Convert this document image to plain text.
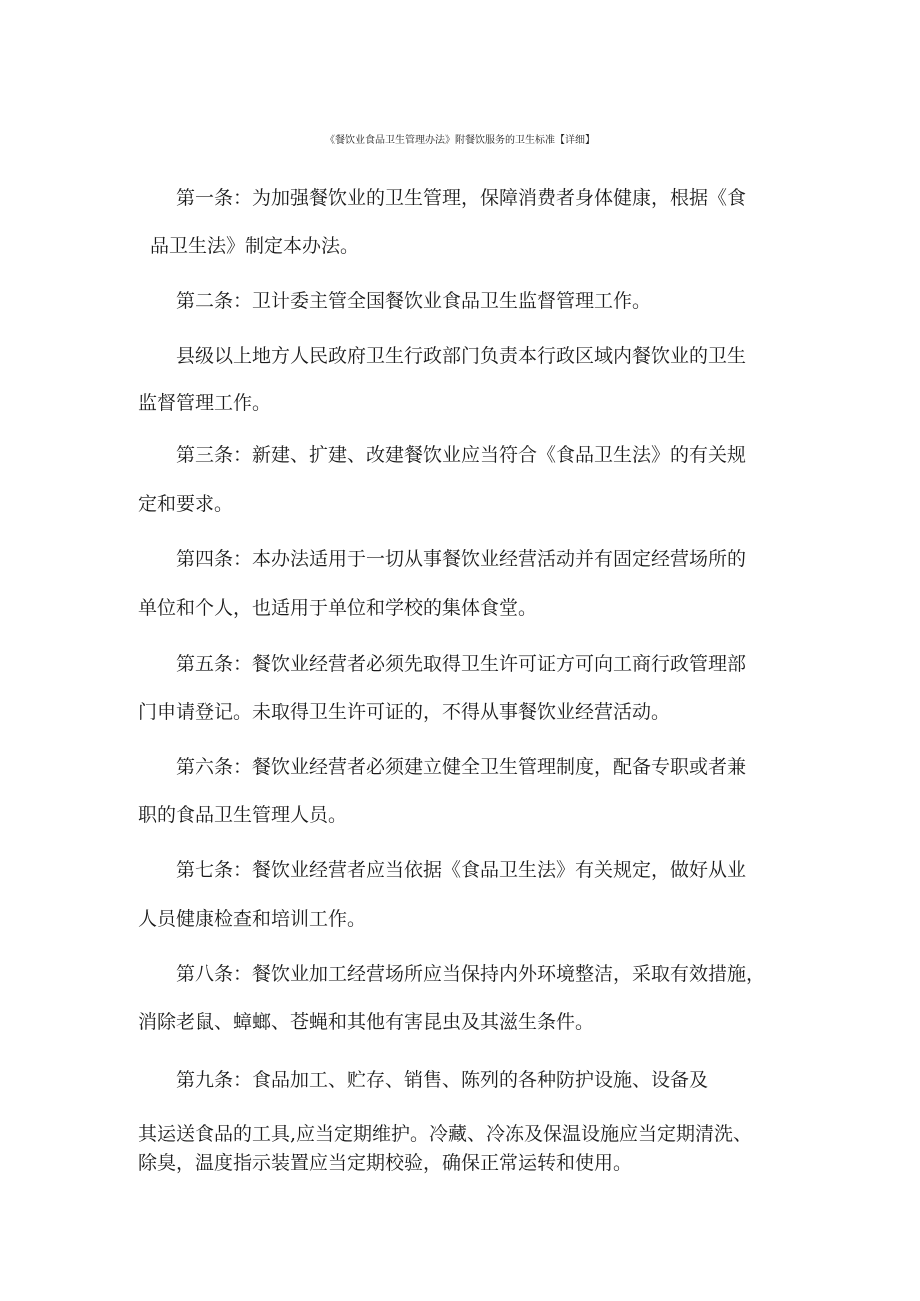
《餐饮业食品卫生管理办法》附餐饮服务的卫生标准【详细】
第一条：为加强餐饮业的卫生管理，保障消费者身体健康，根据《食
品卫生法》制定本办法。
第二条：卫计委主管全国餐饮业食品卫生监督管理工作。
县级以上地方人民政府卫生行政部门负责本行政区域内餐饮业的卫生
监督管理工作。
第三条：新建、扩建、改建餐饮业应当符合《食品卫生法》的有关规
定和要求。
第四条：本办法适用于一切从事餐饮业经营活动并有固定经营场所的
单位和个人，也适用于单位和学校的集体食堂。
第五条：餐饮业经营者必须先取得卫生许可证方可向工商行政管理部
门申请登记。未取得卫生许可证的，不得从事餐饮业经营活动。
第六条：餐饮业经营者必须建立健全卫生管理制度，配备专职或者兼
职的食品卫生管理人员。
第七条：餐饮业经营者应当依据《食品卫生法》有关规定，做好从业
人员健康检查和培训工作。
第八条：餐饮业加工经营场所应当保持内外环境整洁，采取有效措施，
消除老鼠、蟑螂、苍蝇和其他有害昆虫及其滋生条件。
第九条：食品加工、贮存、销售、陈列的各种防护设施、设备及
其运送食品的工具,应当定期维护。冷藏、冷冻及保温设施应当定期清洗、
除臭，温度指示装置应当定期校验，确保正常运转和使用。
